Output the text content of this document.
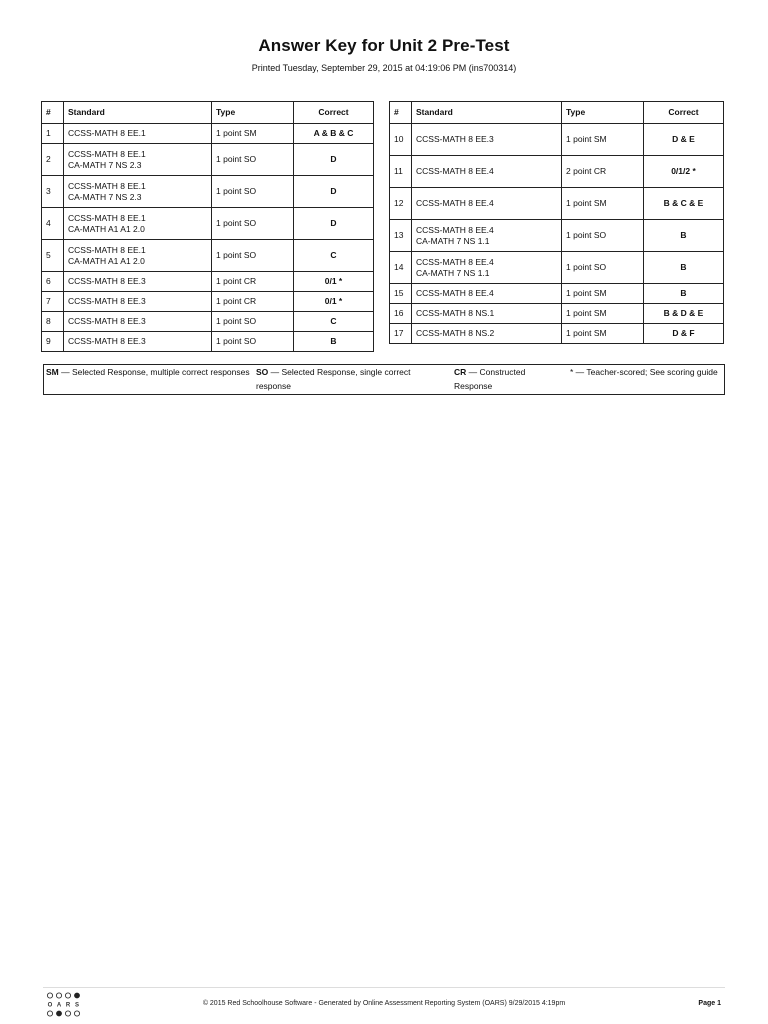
Answer Key for Unit 2 Pre-Test
Printed Tuesday, September 29, 2015 at 04:19:06 PM (ins700314)
#	Standard	Type	Correct
1	CCSS-MATH 8 EE.1	1 point SM	A & B & C
2	CCSS-MATH 8 EE.1
CA-MATH 7 NS 2.3	1 point SO	D
3	CCSS-MATH 8 EE.1
CA-MATH 7 NS 2.3	1 point SO	D
4	CCSS-MATH 8 EE.1
CA-MATH A1 A1 2.0	1 point SO	D
5	CCSS-MATH 8 EE.1
CA-MATH A1 A1 2.0	1 point SO	C
6	CCSS-MATH 8 EE.3	1 point CR	0/1 *
7	CCSS-MATH 8 EE.3	1 point CR	0/1 *
8	CCSS-MATH 8 EE.3	1 point SO	C
9	CCSS-MATH 8 EE.3	1 point SO	B
#	Standard	Type	Correct
10	CCSS-MATH 8 EE.3	1 point SM	D & E
11	CCSS-MATH 8 EE.4	2 point CR	0/1/2 *
12	CCSS-MATH 8 EE.4	1 point SM	B & C & E
13	CCSS-MATH 8 EE.4
CA-MATH 7 NS 1.1	1 point SO	B
14	CCSS-MATH 8 EE.4
CA-MATH 7 NS 1.1	1 point SO	B
15	CCSS-MATH 8 EE.4	1 point SM	B
16	CCSS-MATH 8 NS.1	1 point SM	B & D & E
17	CCSS-MATH 8 NS.2	1 point SM	D & F
SM — Selected Response, multiple correct responses SO — Selected Response, single correct response
CR — Constructed Response
* — Teacher-scored; See scoring guide
O A R S	© 2015 Red Schoolhouse Software - Generated by Online Assessment Reporting System (OARS) 9/29/2015 4:19pm	Page 1
